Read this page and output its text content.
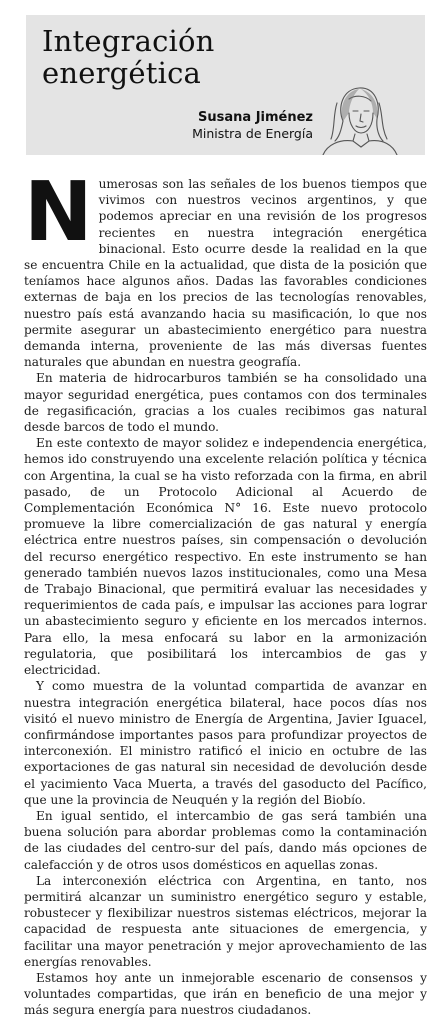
Integración
energética
Susana Jiménez
Ministra de Energía

Numerosas son las señales de los buenos tiempos que vivimos con nuestros vecinos argentinos, y que podemos apreciar en una revisión de los progresos recientes en nuestra integración energética binacional. Esto ocurre desde la realidad en la que se encuentra Chile en la actualidad, que dista de la posición que teníamos hace algunos años. Dadas las favorables condiciones externas de baja en los precios de las tecnologías renovables, nuestro país está avanzando hacia su masificación, lo que nos permite asegurar un abastecimiento energético para nuestra demanda interna, proveniente de las más diversas fuentes naturales que abundan en nuestra geografía.

En materia de hidrocarburos también se ha consolidado una mayor seguridad energética, pues contamos con dos terminales de regasificación, gracias a los cuales recibimos gas natural desde barcos de todo el mundo.

En este contexto de mayor solidez e independencia energética, hemos ido construyendo una excelente relación política y técnica con Argentina, la cual se ha visto reforzada con la firma, en abril pasado, de un Protocolo Adicional al Acuerdo de Complementación Económica N° 16. Este nuevo protocolo promueve la libre comercialización de gas natural y energía eléctrica entre nuestros países, sin compensación o devolución del recurso energético respectivo. En este instrumento se han generado también nuevos lazos institucionales, como una Mesa de Trabajo Binacional, que permitirá evaluar las necesidades y requerimientos de cada país, e impulsar las acciones para lograr un abastecimiento seguro y eficiente en los mercados internos. Para ello, la mesa enfocará su labor en la armonización regulatoria, que posibilitará los intercambios de gas y electricidad.

Y como muestra de la voluntad compartida de avanzar en nuestra integración energética bilateral, hace pocos días nos visitó el nuevo ministro de Energía de Argentina, Javier Iguacel, confirmándose importantes pasos para profundizar proyectos de interconexión. El ministro ratificó el inicio en octubre de las exportaciones de gas natural sin necesidad de devolución desde el yacimiento Vaca Muerta, a través del gasoducto del Pacífico, que une la provincia de Neuquén y la región del Biobío.

En igual sentido, el intercambio de gas será también una buena solución para abordar problemas como la contaminación de las ciudades del centro-sur del país, dando más opciones de calefacción y de otros usos domésticos en aquellas zonas.

La interconexión eléctrica con Argentina, en tanto, nos permitirá alcanzar un suministro energético seguro y estable, robustecer y flexibilizar nuestros sistemas eléctricos, mejorar la capacidad de respuesta ante situaciones de emergencia, y facilitar una mayor penetración y mejor aprovechamiento de las energías renovables.

Estamos hoy ante un inmejorable escenario de consensos y voluntades compartidas, que irán en beneficio de una mejor y más segura energía para nuestros ciudadanos.
